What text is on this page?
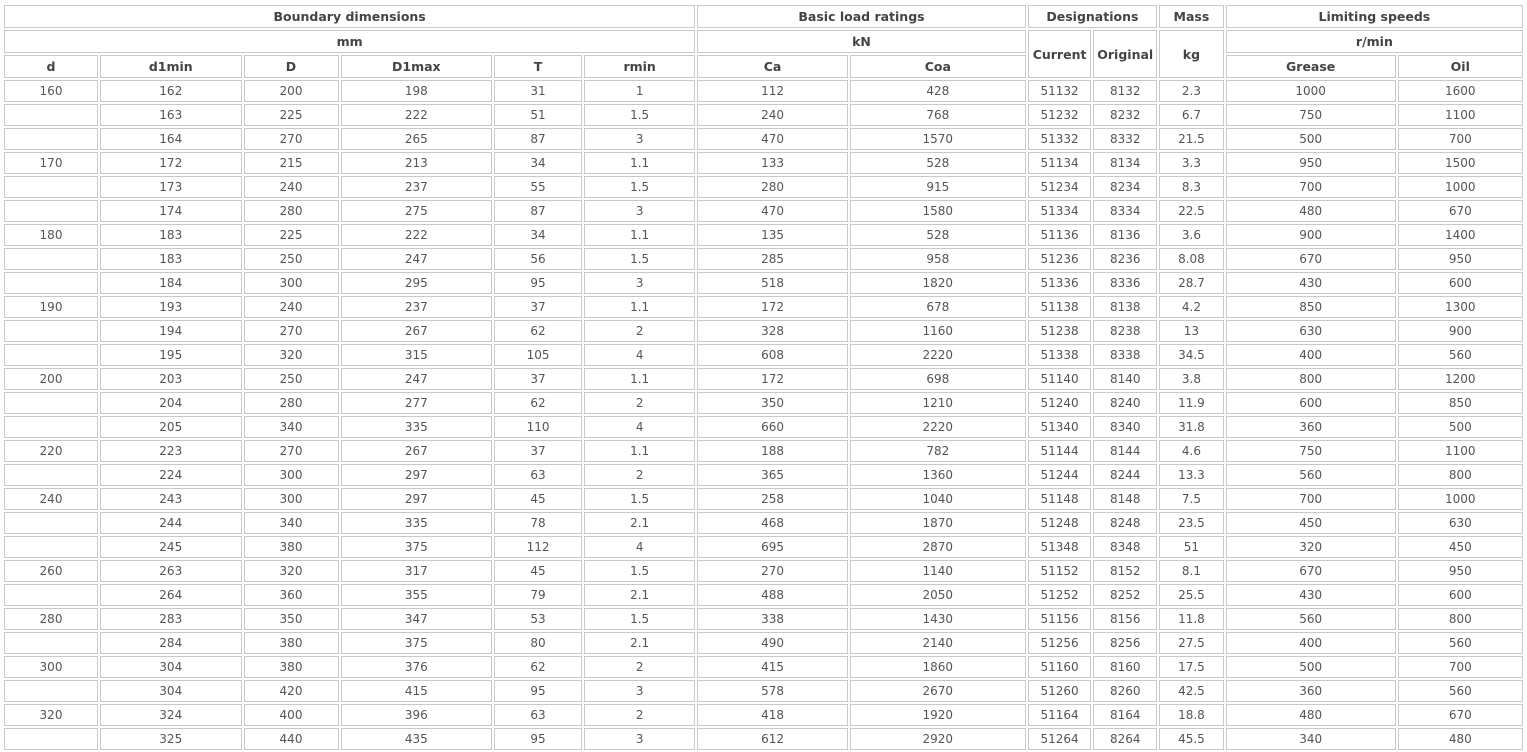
Boundary dimensions						Basic load ratings		Designations		Mass	Limiting speeds	
mm						kN		Current	Original	kg	r/min	
d	d1min	D	D1max	T	rmin	Ca	Coa				Grease	Oil
160	162	200	198	31	1	112	428	51132	8132	2.3	1000	1600
	163	225	222	51	1.5	240	768	51232	8232	6.7	750	1100
	164	270	265	87	3	470	1570	51332	8332	21.5	500	700
170	172	215	213	34	1.1	133	528	51134	8134	3.3	950	1500
	173	240	237	55	1.5	280	915	51234	8234	8.3	700	1000
	174	280	275	87	3	470	1580	51334	8334	22.5	480	670
180	183	225	222	34	1.1	135	528	51136	8136	3.6	900	1400
	183	250	247	56	1.5	285	958	51236	8236	8.08	670	950
	184	300	295	95	3	518	1820	51336	8336	28.7	430	600
190	193	240	237	37	1.1	172	678	51138	8138	4.2	850	1300
	194	270	267	62	2	328	1160	51238	8238	13	630	900
	195	320	315	105	4	608	2220	51338	8338	34.5	400	560
200	203	250	247	37	1.1	172	698	51140	8140	3.8	800	1200
	204	280	277	62	2	350	1210	51240	8240	11.9	600	850
	205	340	335	110	4	660	2220	51340	8340	31.8	360	500
220	223	270	267	37	1.1	188	782	51144	8144	4.6	750	1100
	224	300	297	63	2	365	1360	51244	8244	13.3	560	800
240	243	300	297	45	1.5	258	1040	51148	8148	7.5	700	1000
	244	340	335	78	2.1	468	1870	51248	8248	23.5	450	630
	245	380	375	112	4	695	2870	51348	8348	51	320	450
260	263	320	317	45	1.5	270	1140	51152	8152	8.1	670	950
	264	360	355	79	2.1	488	2050	51252	8252	25.5	430	600
280	283	350	347	53	1.5	338	1430	51156	8156	11.8	560	800
	284	380	375	80	2.1	490	2140	51256	8256	27.5	400	560
300	304	380	376	62	2	415	1860	51160	8160	17.5	500	700
	304	420	415	95	3	578	2670	51260	8260	42.5	360	560
320	324	400	396	63	2	418	1920	51164	8164	18.8	480	670
	325	440	435	95	3	612	2920	51264	8264	45.5	340	480
